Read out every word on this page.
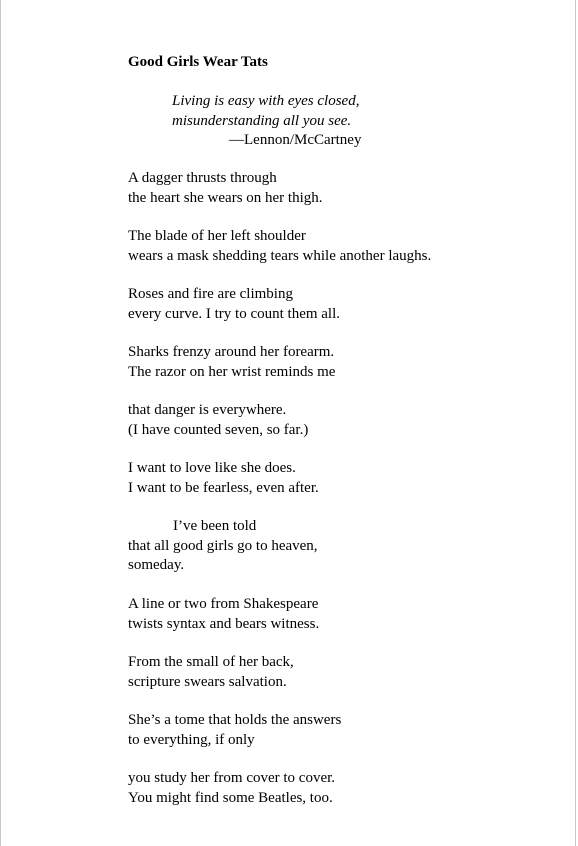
Good Girls Wear Tats
Living is easy with eyes closed,
misunderstanding all you see.
—Lennon/McCartney
A dagger thrusts through
the heart she wears on her thigh.
The blade of her left shoulder
wears a mask shedding tears while another laughs.
Roses and fire are climbing
every curve. I try to count them all.
Sharks frenzy around her forearm.
The razor on her wrist reminds me
that danger is everywhere.
(I have counted seven, so far.)
I want to love like she does.
I want to be fearless, even after.
I’ve been told
that all good girls go to heaven,
someday.
A line or two from Shakespeare
twists syntax and bears witness.
From the small of her back,
scripture swears salvation.
She’s a tome that holds the answers
to everything, if only
you study her from cover to cover.
You might find some Beatles, too.
